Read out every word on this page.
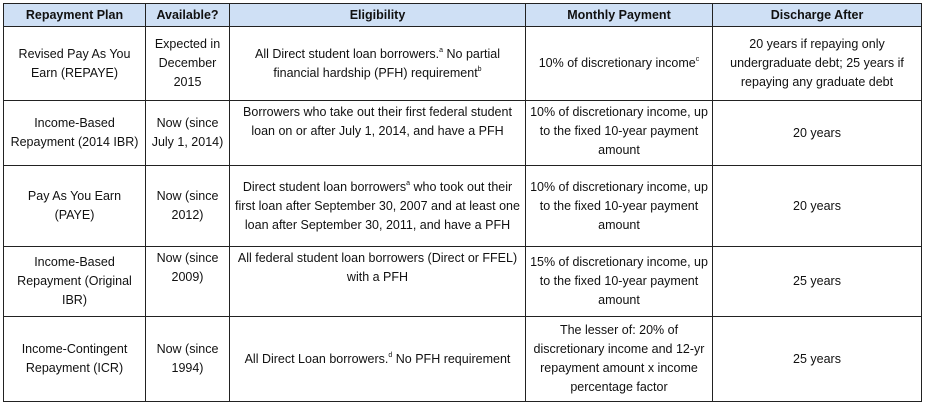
Repayment Plan	Available?	Eligibility	Monthly Payment	Discharge After
Revised Pay As You Earn (REPAYE)	Expected in December 2015	All Direct student loan borrowers.$^a$ No partial financial hardship (PFH) requirement$^b$	10% of discretionary income$^c$	20 years if repaying only undergraduate debt; 25 years if repaying any graduate debt
Income-Based Repayment (2014 IBR)	Now (since July 1, 2014)	Borrowers who take out their first federal student loan on or after July 1, 2014, and have a PFH	10% of discretionary income, up to the fixed 10-year payment amount	20 years
Pay As You Earn (PAYE)	Now (since 2012)	Direct student loan borrowers$^a$ who took out their first loan after September 30, 2007 and at least one loan after September 30, 2011, and have a PFH	10% of discretionary income, up to the fixed 10-year payment amount	20 years
Income-Based Repayment (Original IBR)	Now (since 2009)	All federal student loan borrowers (Direct or FFEL) with a PFH	15% of discretionary income, up to the fixed 10-year payment amount	25 years
Income-Contingent Repayment (ICR)	Now (since 1994)	All Direct Loan borrowers.$^d$ No PFH requirement	The lesser of: 20% of discretionary income and 12-yr repayment amount x income percentage factor	25 years
